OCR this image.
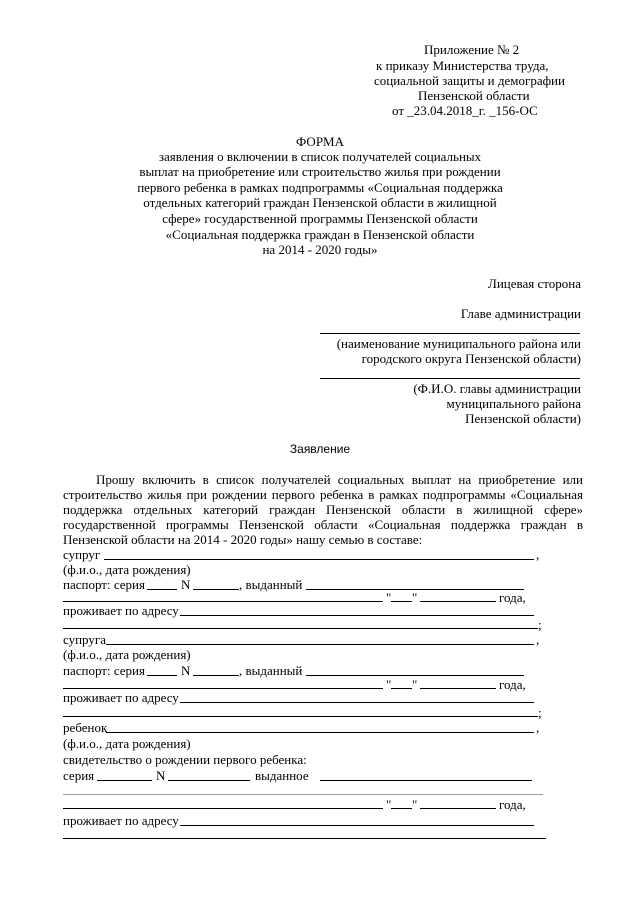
Приложение № 2
к приказу Министерства труда,
социальной защиты и демографии
Пензенской области
от _23.04.2018_г. _156-ОС
ФОРМА
заявления о включении в список получателей социальных
выплат на приобретение или строительство жилья при рождении
первого ребенка в рамках подпрограммы «Социальная поддержка
отдельных категорий граждан Пензенской области в жилищной
сфере» государственной программы Пензенской области
«Социальная поддержка граждан в Пензенской области
на 2014 - 2020 годы»
Лицевая сторона
Главе администрации
(наименование муниципального района или
городского округа Пензенской области)
(Ф.И.О. главы администрации
муниципального района
Пензенской области)
Заявление
Прошу включить в список получателей социальных выплат на приобретение или
строительство жилья при рождении первого ребенка в рамках подпрограммы «Социальная
поддержка отдельных категорий граждан Пензенской области в жилищной сфере»
государственной программы Пензенской области «Социальная поддержка граждан в
Пензенской области на 2014 - 2020 годы» нашу семью в составе:
супруг	,
(ф.и.о., дата рождения)
паспорт: серия	N	, выданный
" "	года,
проживает по адресу
;
супруга	,
(ф.и.о., дата рождения)
паспорт: серия	N	, выданный
" "	года,
проживает по адресу
;
ребенок	,
(ф.и.о., дата рождения)
свидетельство о рождении первого ребенка:
серия	N	выданное
" "	года,
проживает по адресу
